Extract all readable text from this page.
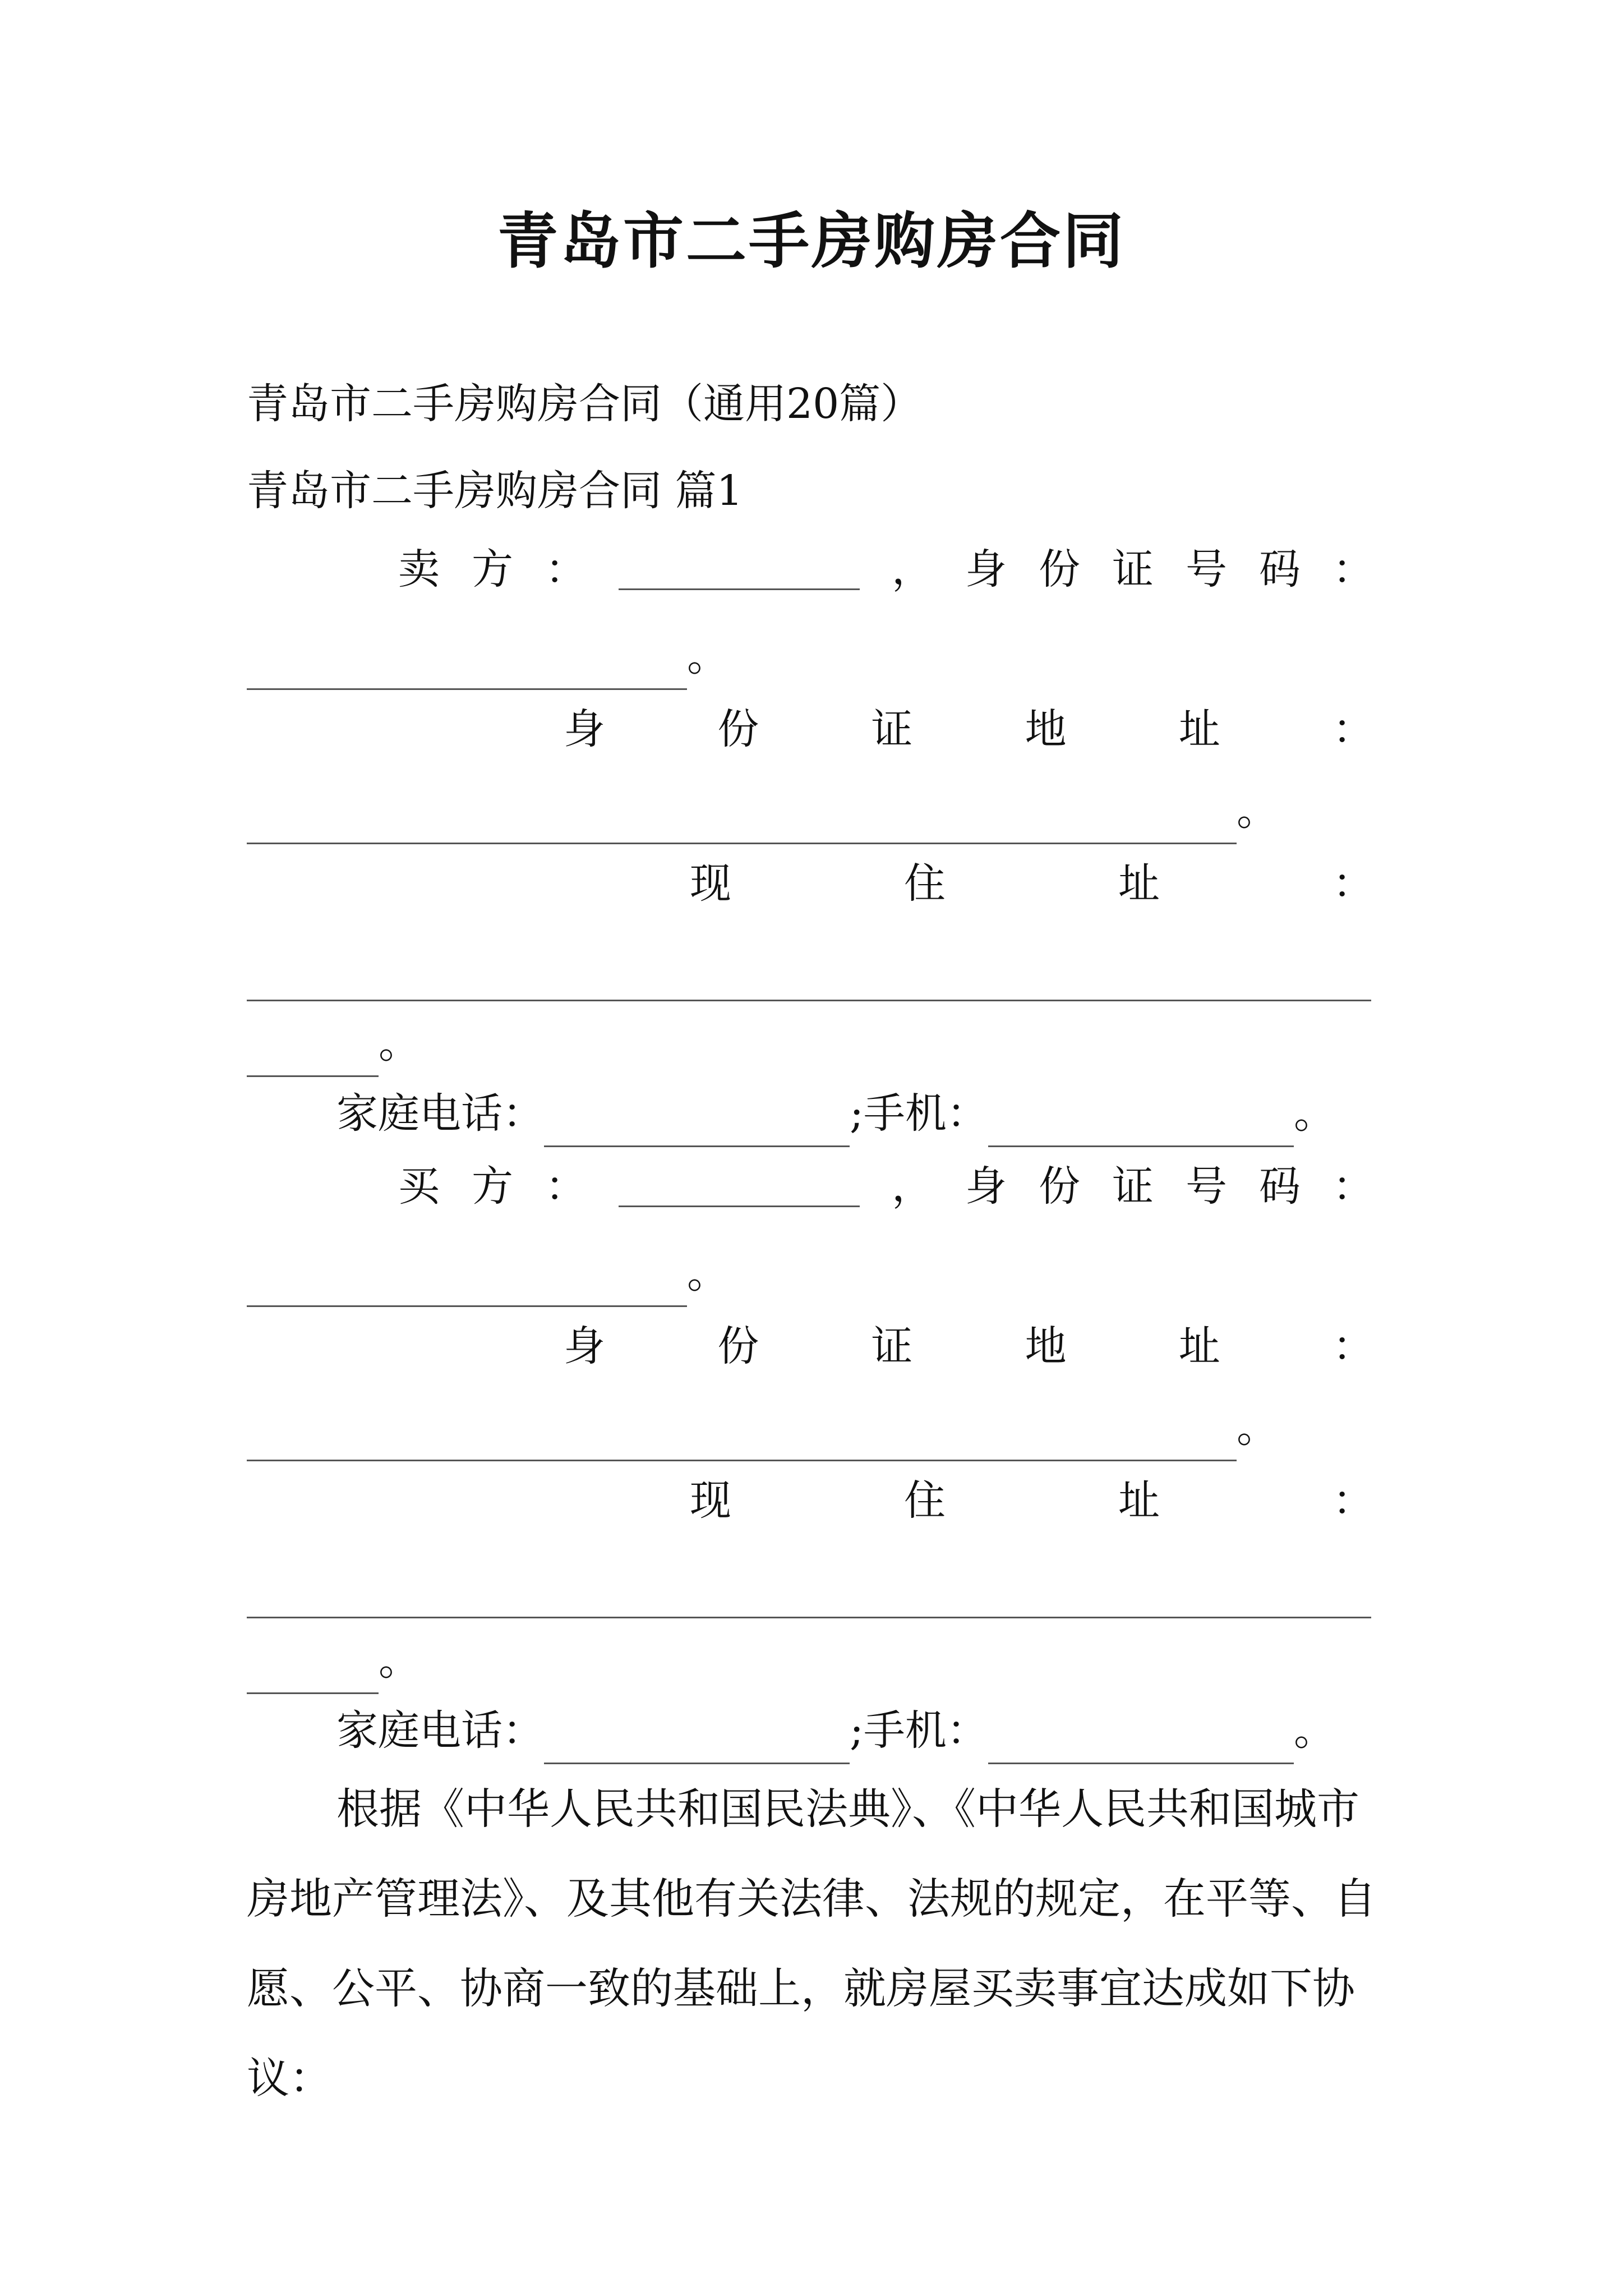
青岛市二手房购房合同
青岛市二手房购房合同（通用20篇）
青岛市二手房购房合同 篇1
卖 方 ：	， 身 份 证 号 码 ：
。
身	份	证	地	址	：
。
现	住	址	：
。
家庭电话：	;手机：	。
买 方 ：	， 身 份 证 号 码 ：
。
身	份	证	地	址	：
。
现	住	址	：
。
家庭电话：	;手机：	。
根据《中华人民共和国民法典》、《中华人民共和国城市房地产管理法》、及其他有关法律、法规的规定，在平等、自愿、公平、协商一致的基础上，就房屋买卖事宜达成如下协议：
